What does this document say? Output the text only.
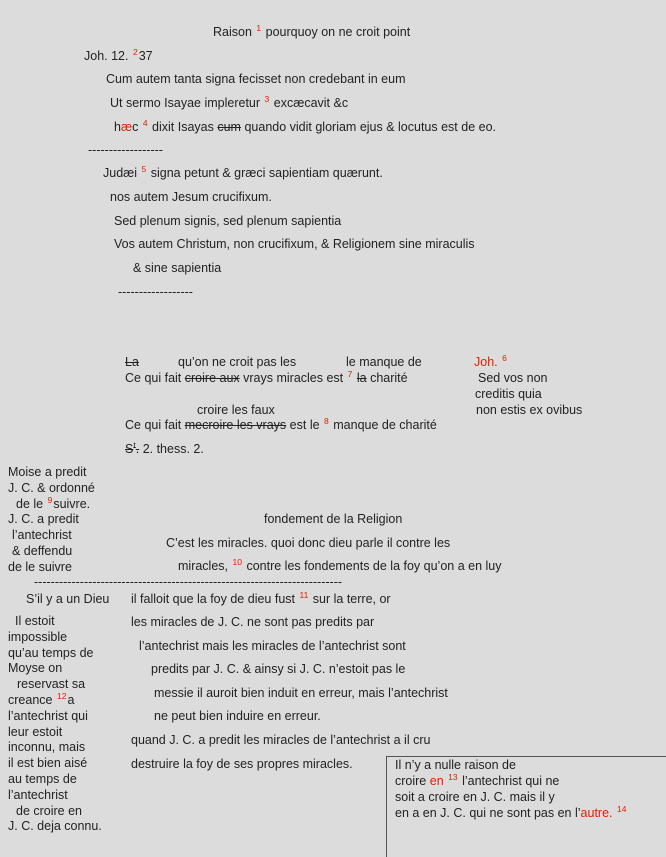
Raison $^1$ pourquoy on ne croit point
Joh. 12. $^2$37
Cum autem tanta signa fecisset non credebant in eum
Ut sermo Isayae impleretur $^3$ excæcavit &c
hæc $^4$ dixit Isayas cum quando vidit gloriam ejus & locutus est de eo.
------------------
Judæi $^5$ signa petunt & græci sapientiam quærunt.
nos autem Jesum crucifixum.
Sed plenum signis, sed plenum sapientia
Vos autem Christum, non crucifixum, & Religionem sine miraculis
& sine sapientia
------------------
La	qu’on ne croit pas les	le manque de
Ce qui fait croire aux vrays miracles est $^7$ la charité
Joh. $^6$
Sed vos non
creditis quia
non estis ex ovibus
croire les faux
Ce qui fait mecroire les vrays est le $^8$ manque de charité
$S^t$. 2. thess. 2.
Moise a predit
J. C. & ordonné
de le $^9$suivre.
J. C. a predit
l’antechrist
& deffendu
de le suivre
fondement de la Religion
C’est les miracles. quoi donc dieu parle il contre les
miracles, $^{10}$ contre les fondements de la foy qu’on a en luy
--------------------------------------------------------------------------
S’il y a un Dieu il falloit que la foy de dieu fust $^{11}$ sur la terre, or
les miracles de J. C. ne sont pas predits par
l’antechrist mais les miracles de l’antechrist sont
predits par J. C. & ainsy si J. C. n’estoit pas le
messie il auroit bien induit en erreur, mais l’antechrist
ne peut bien induire en erreur.
quand J. C. a predit les miracles de l’antechrist a il cru
destruire la foy de ses propres miracles.
Il estoit
impossible
qu’au temps de
Moyse on
reservast sa
creance $^{12}$a
l’antechrist qui
leur estoit
inconnu, mais
il est bien aisé
au temps de
l’antechrist
de croire en
J. C. deja connu.
Il n’y a nulle raison de
croire en $^{13}$ l’antechrist qui ne
soit a croire en J. C. mais il y
en a en J. C. qui ne sont pas en l’autre. $^{14}$
